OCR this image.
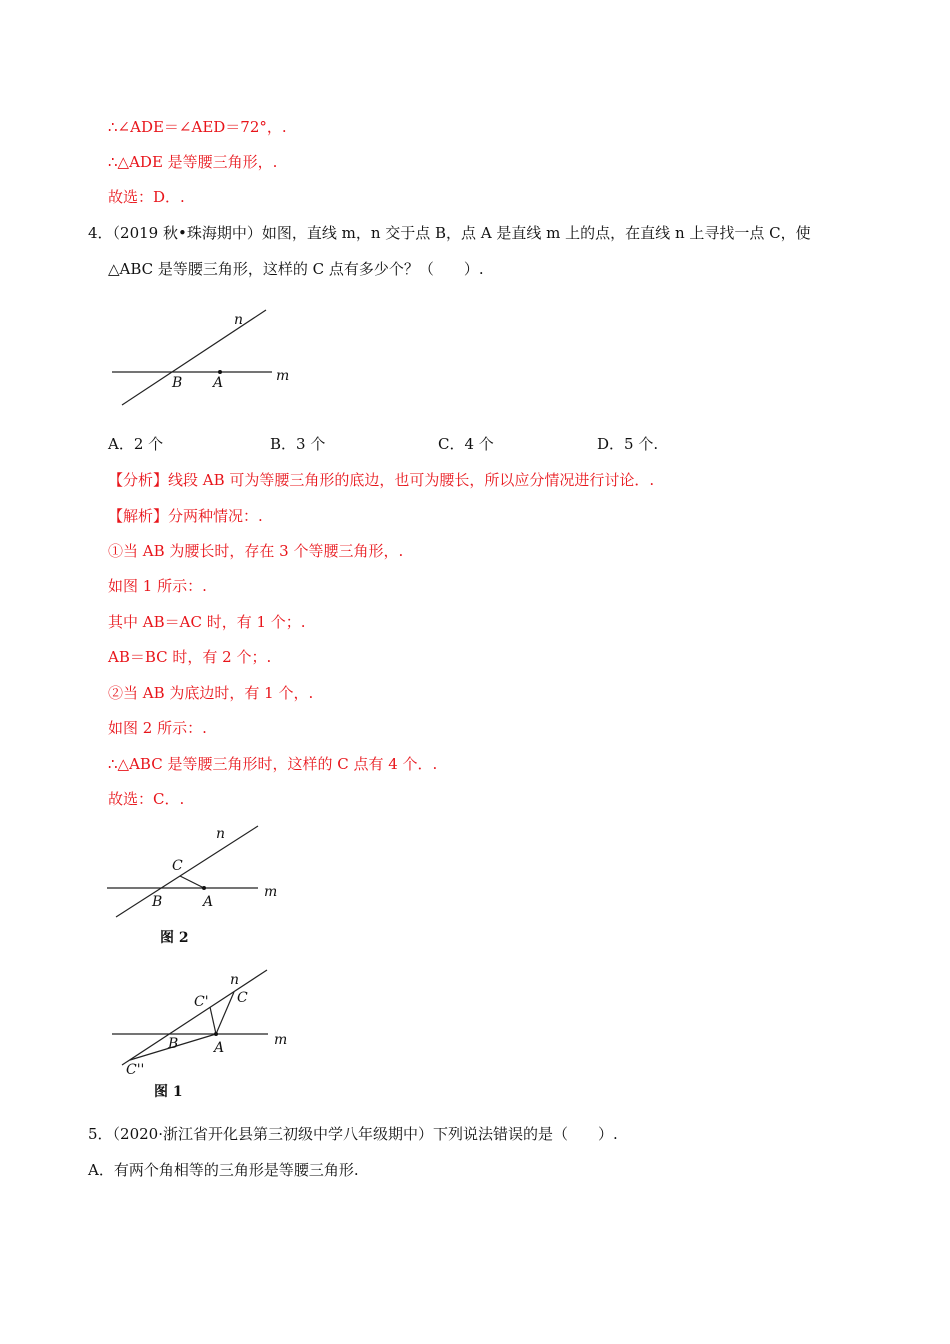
∴∠ADE＝∠AED＝72°，.
∴△ADE 是等腰三角形，.
故选：D．.
4．（2019 秋•珠海期中）如图，直线 m，n 交于点 B，点 A 是直线 m 上的点，在直线 n 上寻找一点 C，使
△ABC 是等腰三角形，这样的 C 点有多少个？（　　）.
n
m
B A
A．2 个	B．3 个	C．4 个	D．5 个.
【分析】线段 AB 可为等腰三角形的底边，也可为腰长，所以应分情况进行讨论．.
【解析】分两种情况：.
①当 AB 为腰长时，存在 3 个等腰三角形，.
如图 1 所示：.
其中 AB＝AC 时，有 1 个；.
AB＝BC 时，有 2 个；.
②当 AB 为底边时，有 1 个，.
如图 2 所示：.
∴△ABC 是等腰三角形时，这样的 C 点有 4 个．.
故选：C．.
n
m
C
B	A
图 2
n
m
C' C
B	A
C''
图 1
5．（2020·浙江省开化县第三初级中学八年级期中）下列说法错误的是（　　）.
A．有两个角相等的三角形是等腰三角形.
